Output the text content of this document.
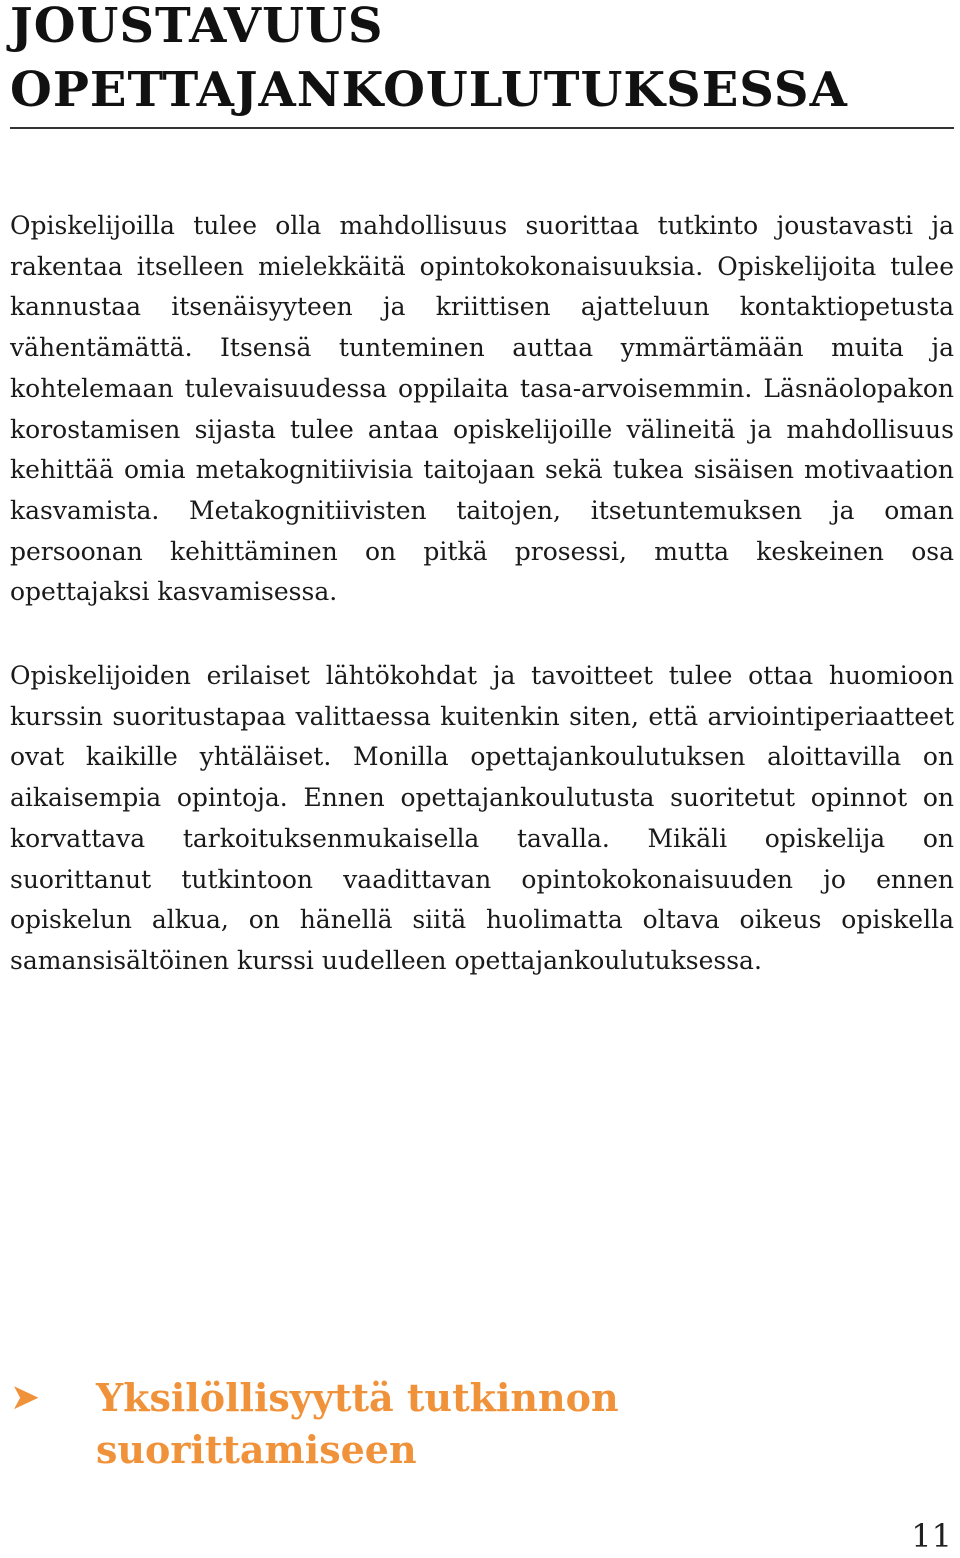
JOUSTAVUUS OPETTAJANKOULUTUKSESSA

Opiskelijoilla tulee olla mahdollisuus suorittaa tutkinto joustavasti ja rakentaa itselleen mielekkäitä opintokokonaisuuksia. Opiskelijoita tulee kannustaa itsenäisyyteen ja kriittisen ajatteluun kontaktiopetusta vähentämättä. Itsensä tunteminen auttaa ymmärtämään muita ja kohtelemaan tulevaisuudessa oppilaita tasa-arvoisemmin. Läsnäolopakon korostamisen sijasta tulee antaa opiskelijoille välineitä ja mahdollisuus kehittää omia metakognitiivisia taitojaan sekä tukea sisäisen motivaation kasvamista. Metakognitiivisten taitojen, itsetuntemuksen ja oman persoonan kehittäminen on pitkä prosessi, mutta keskeinen osa opettajaksi kasvamisessa.

Opiskelijoiden erilaiset lähtökohdat ja tavoitteet tulee ottaa huomioon kurssin suoritustapaa valittaessa kuitenkin siten, että arviointiperiaatteet ovat kaikille yhtäläiset. Monilla opettajankoulutuksen aloittavilla on aikaisempia opintoja. Ennen opettajankoulutusta suoritetut opinnot on korvattava tarkoituksenmukaisella tavalla. Mikäli opiskelija on suorittanut tutkintoon vaadittavan opintokokonaisuuden jo ennen opiskelun alkua, on hänellä siitä huolimatta oltava oikeus opiskella samansisältöinen kurssi uudelleen opettajankoulutuksessa.

➤ Yksilöllisyyttä tutkinnon suorittamiseen
11
